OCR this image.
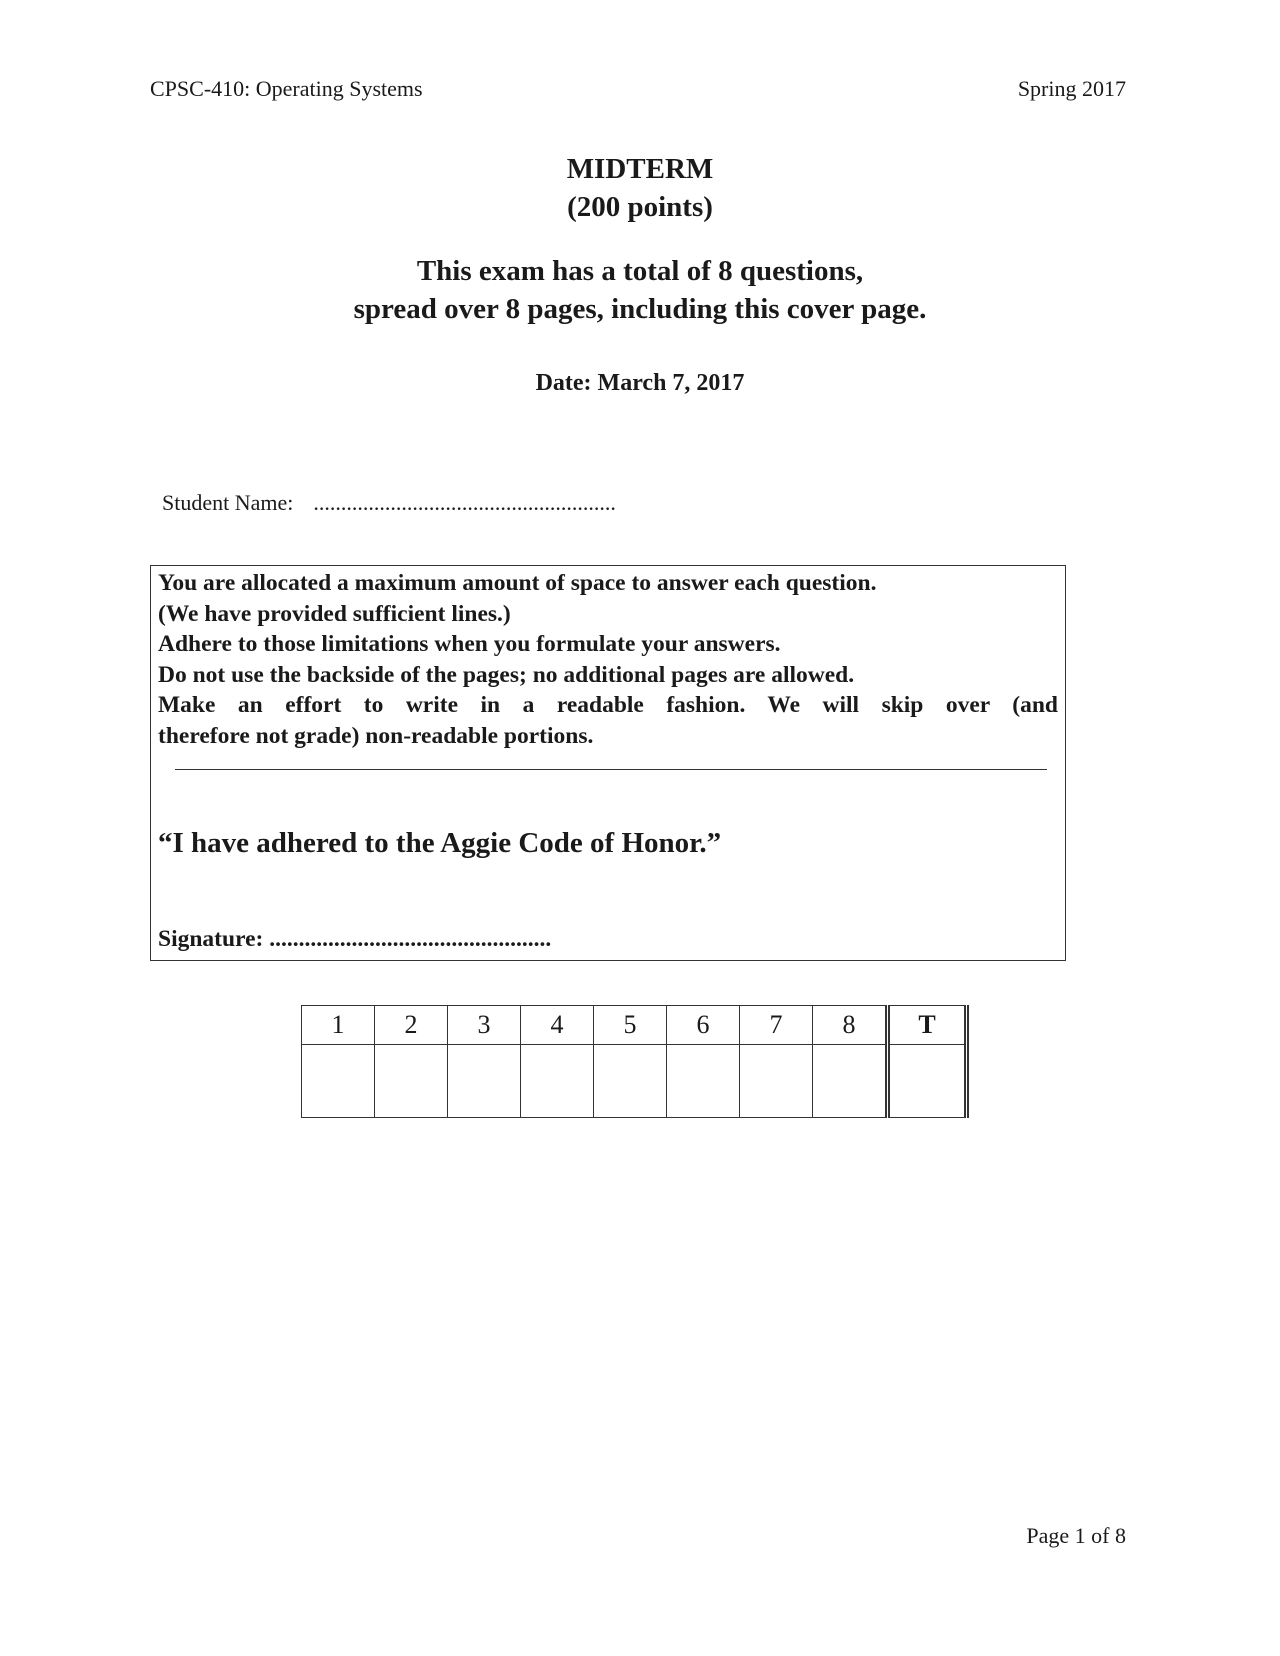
CPSC-410: Operating Systems	Spring 2017
MIDTERM
(200 points)
This exam has a total of 8 questions,
spread over 8 pages, including this cover page.
Date: March 7, 2017
Student Name: .......................................................
You are allocated a maximum amount of space to answer each question.
(We have provided sufficient lines.)
Adhere to those limitations when you formulate your answers.
Do not use the backside of the pages; no additional pages are allowed.
Make an effort to write in a readable fashion. We will skip over (and
therefore not grade) non-readable portions.
“I have adhered to the Aggie Code of Honor.”
Signature: ................................................
1	2	3	4	5	6	7	8	T

Page 1 of 8
